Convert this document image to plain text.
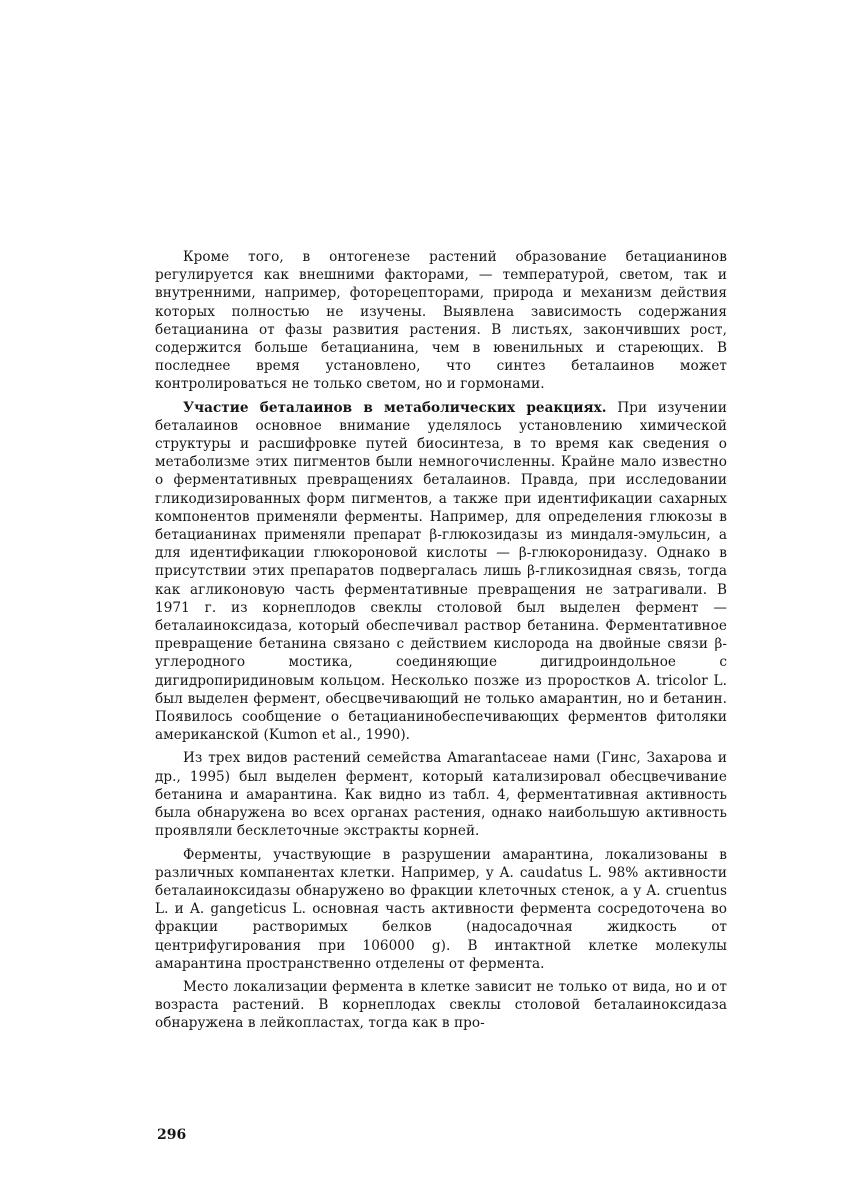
Кроме того, в онтогенезе растений образование бетацианинов регулируется как внешними факторами, — температурой, светом, так и внутренними, например, фоторецепторами, природа и механизм действия которых полностью не изучены. Выявлена зависимость содержания бетацианина от фазы развития растения. В листьях, закончивших рост, содержится больше бетацианина, чем в ювенильных и стареющих. В последнее время установлено, что синтез беталаинов может контролироваться не только светом, но и гормонами.

Участие беталаинов в метаболических реакциях. При изучении беталаинов основное внимание уделялось установлению химической структуры и расшифровке путей биосинтеза, в то время как сведения о метаболизме этих пигментов были немногочисленны. Крайне мало известно о ферментативных превращениях беталаинов. Правда, при исследовании гликодизированных форм пигментов, а также при идентификации сахарных компонентов применяли ферменты. Например, для определения глюкозы в бетацианинах применяли препарат β-глюкозидазы из миндаля-эмульсин, а для идентификации глюкороновой кислоты — β-глюкоронидазу. Однако в присутствии этих препаратов подвергалась лишь β-гликозидная связь, тогда как агликоновую часть ферментативные превращения не затрагивали. В 1971 г. из корнеплодов свеклы столовой был выделен фермент — беталаиноксидаза, который обеспечивал раствор бетанина. Ферментативное превращение бетанина связано с действием кислорода на двойные связи β-углеродного мостика, соединяющие дигидроиндольное с дигидропиридиновым кольцом. Несколько позже из проростков A. tricolor L. был выделен фермент, обесцвечивающий не только амарантин, но и бетанин. Появилось сообщение о бетацианинобеспечивающих ферментов фитоляки американской (Kumon et al., 1990).

Из трех видов растений семейства Amarantaceae нами (Гинс, Захарова и др., 1995) был выделен фермент, который катализировал обесцвечивание бетанина и амарантина. Как видно из табл. 4, ферментативная активность была обнаружена во всех органах растения, однако наибольшую активность проявляли бесклеточные экстракты корней.

Ферменты, участвующие в разрушении амарантина, локализованы в различных компанентах клетки. Например, у A. caudatus L. 98% активности беталаиноксидазы обнаружено во фракции клеточных стенок, а у A. cruentus L. и A. gangeticus L. основная часть активности фермента сосредоточена во фракции растворимых белков (надосадочная жидкость от центрифугирования при 106000 g). В интактной клетке молекулы амарантина пространственно отделены от фермента.

Место локализации фермента в клетке зависит не только от вида, но и от возраста растений. В корнеплодах свеклы столовой беталаиноксидаза обнаружена в лейкопластах, тогда как в про-

296
